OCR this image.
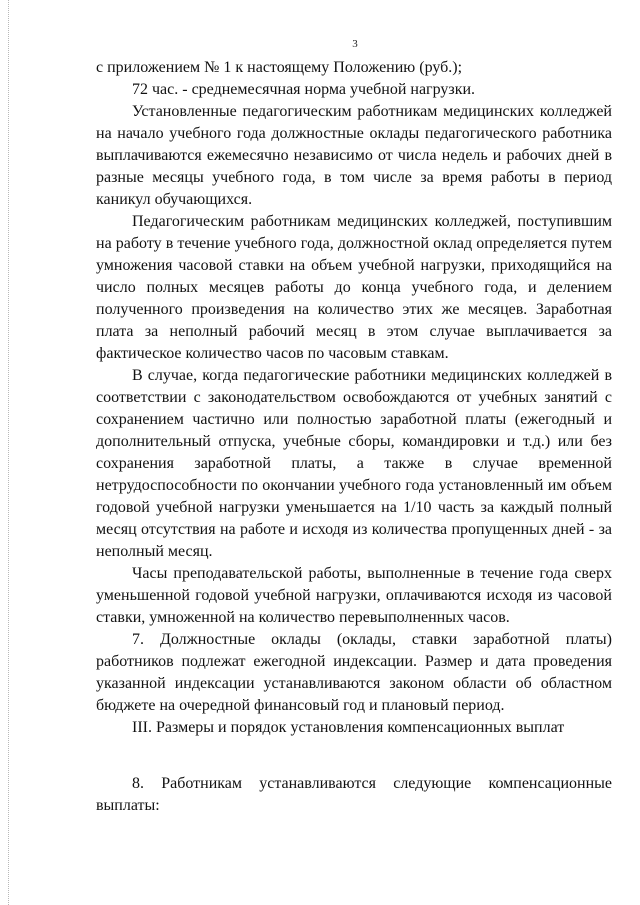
3

с приложением № 1 к настоящему Положению (руб.);

72 час. - среднемесячная норма учебной нагрузки.

Установленные педагогическим работникам медицинских колледжей на начало учебного года должностные оклады педагогического работника выплачиваются ежемесячно независимо от числа недель и рабочих дней в разные месяцы учебного года, в том числе за время работы в период каникул обучающихся.

Педагогическим работникам медицинских колледжей, поступившим на работу в течение учебного года, должностной оклад определяется путем умножения часовой ставки на объем учебной нагрузки, приходящийся на число полных месяцев работы до конца учебного года, и делением полученного произведения на количество этих же месяцев. Заработная плата за неполный рабочий месяц в этом случае выплачивается за фактическое количество часов по часовым ставкам.

В случае, когда педагогические работники медицинских колледжей в соответствии с законодательством освобождаются от учебных занятий с сохранением частично или полностью заработной платы (ежегодный и дополнительный отпуска, учебные сборы, командировки и т.д.) или без сохранения заработной платы, а также в случае временной нетрудоспособности по окончании учебного года установленный им объем годовой учебной нагрузки уменьшается на 1/10 часть за каждый полный месяц отсутствия на работе и исходя из количества пропущенных дней - за неполный месяц.

Часы преподавательской работы, выполненные в течение года сверх уменьшенной годовой учебной нагрузки, оплачиваются исходя из часовой ставки, умноженной на количество перевыполненных часов.

7. Должностные оклады (оклады, ставки заработной платы) работников подлежат ежегодной индексации. Размер и дата проведения указанной индексации устанавливаются законом области об областном бюджете на очередной финансовый год и плановый период.

III. Размеры и порядок установления компенсационных выплат

8. Работникам устанавливаются следующие компенсационные выплаты:
